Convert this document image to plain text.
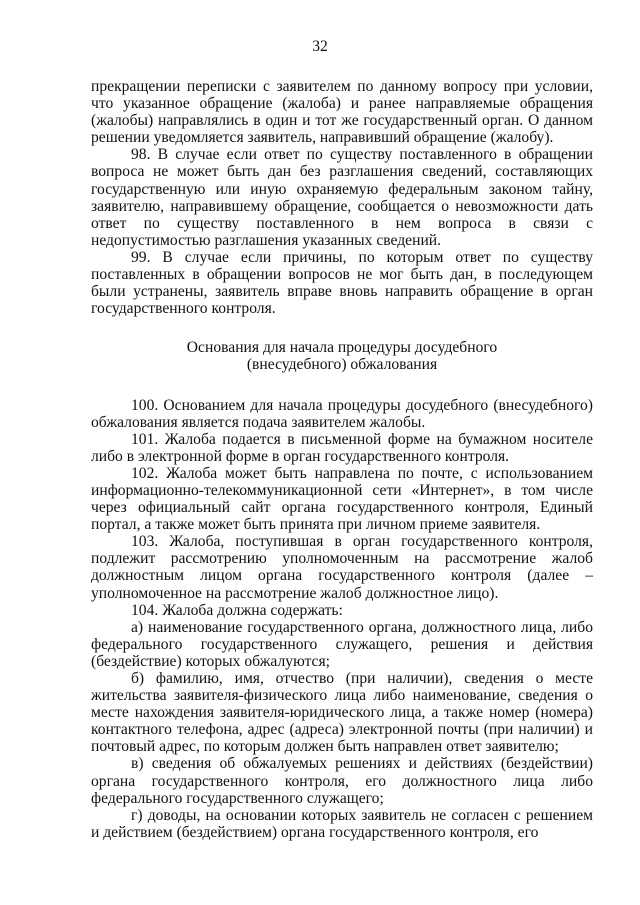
32

прекращении переписки с заявителем по данному вопросу при условии, что указанное обращение (жалоба) и ранее направляемые обращения (жалобы) направлялись в один и тот же государственный орган. О данном решении уведомляется заявитель, направивший обращение (жалобу).

98. В случае если ответ по существу поставленного в обращении вопроса не может быть дан без разглашения сведений, составляющих государственную или иную охраняемую федеральным законом тайну, заявителю, направившему обращение, сообщается о невозможности дать ответ по существу поставленного в нем вопроса в связи с недопустимостью разглашения указанных сведений.

99. В случае если причины, по которым ответ по существу поставленных в обращении вопросов не мог быть дан, в последующем были устранены, заявитель вправе вновь направить обращение в орган государственного контроля.

Основания для начала процедуры досудебного
(внесудебного) обжалования

100. Основанием для начала процедуры досудебного (внесудебного) обжалования является подача заявителем жалобы.

101. Жалоба подается в письменной форме на бумажном носителе либо в электронной форме в орган государственного контроля.

102. Жалоба может быть направлена по почте, с использованием информационно-телекоммуникационной сети «Интернет», в том числе через официальный сайт органа государственного контроля, Единый портал, а также может быть принята при личном приеме заявителя.

103. Жалоба, поступившая в орган государственного контроля, подлежит рассмотрению уполномоченным на рассмотрение жалоб должностным лицом органа государственного контроля (далее – уполномоченное на рассмотрение жалоб должностное лицо).

104. Жалоба должна содержать:

а) наименование государственного органа, должностного лица, либо федерального государственного служащего, решения и действия (бездействие) которых обжалуются;

б) фамилию, имя, отчество (при наличии), сведения о месте жительства заявителя-физического лица либо наименование, сведения о месте нахождения заявителя-юридического лица, а также номер (номера) контактного телефона, адрес (адреса) электронной почты (при наличии) и почтовый адрес, по которым должен быть направлен ответ заявителю;

в) сведения об обжалуемых решениях и действиях (бездействии) органа государственного контроля, его должностного лица либо федерального государственного служащего;

г) доводы, на основании которых заявитель не согласен с решением и действием (бездействием) органа государственного контроля, его
